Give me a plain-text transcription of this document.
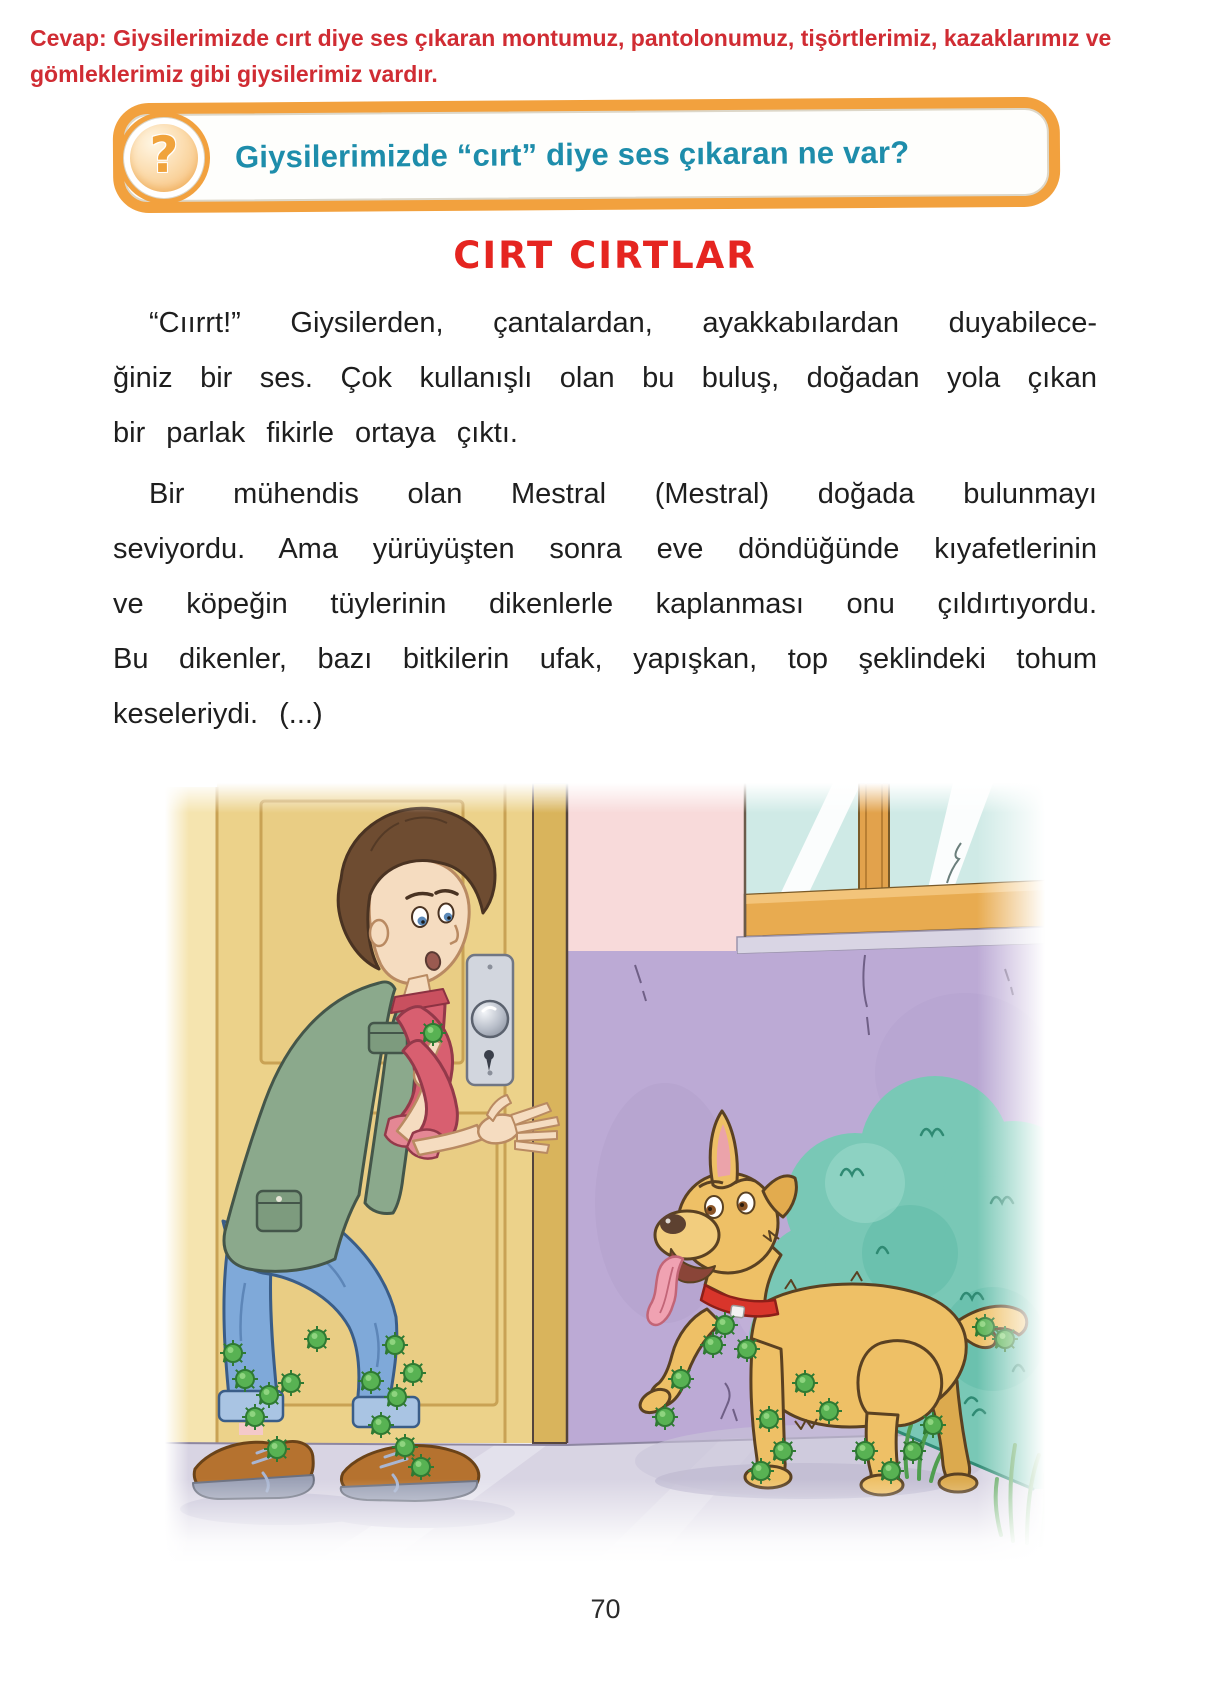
Cevap: Giysilerimizde cırt diye ses çıkaran montumuz, pantolonumuz, tişörtlerimiz, kazaklarımız ve
gömleklerimiz gibi giysilerimiz vardır.
?	Giysilerimizde “cırt” diye ses çıkaran ne var?
CIRT CIRTLAR
“Cıırrt!” Giysilerden, çantalardan, ayakkabılardan duyabilece-
ğiniz bir ses. Çok kullanışlı olan bu buluş, doğadan yola çıkan
bir parlak fikirle ortaya çıktı.
Bir mühendis olan Mestral (Mestral) doğada bulunmayı
seviyordu. Ama yürüyüşten sonra eve döndüğünde kıyafetlerinin
ve köpeğin tüylerinin dikenlerle kaplanması onu çıldırtıyordu.
Bu dikenler, bazı bitkilerin ufak, yapışkan, top şeklindeki tohum
keseleriydi. (...)
70
